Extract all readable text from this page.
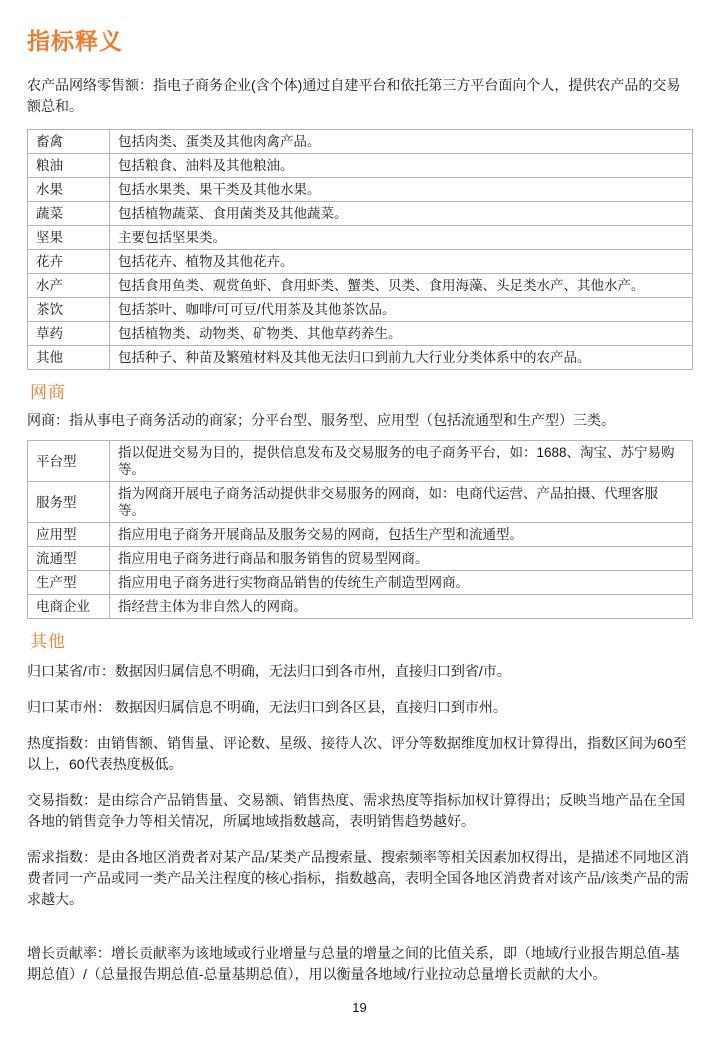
指标释义

农产品网络零售额：指电子商务企业(含个体)通过自建平台和依托第三方平台面向个人，提供农产品的交易额总和。

畜禽	包括肉类、蛋类及其他肉禽产品。
粮油	包括粮食、油料及其他粮油。
水果	包括水果类、果干类及其他水果。
蔬菜	包括植物蔬菜、食用菌类及其他蔬菜。
坚果	主要包括坚果类。
花卉	包括花卉、植物及其他花卉。
水产	包括食用鱼类、观赏鱼虾、食用虾类、蟹类、贝类、食用海藻、头足类水产、其他水产。
茶饮	包括茶叶、咖啡/可可豆/代用茶及其他茶饮品。
草药	包括植物类、动物类、矿物类、其他草药养生。
其他	包括种子、种苗及繁殖材料及其他无法归口到前九大行业分类体系中的农产品。
网商

网商：指从事电子商务活动的商家；分平台型、服务型、应用型（包括流通型和生产型）三类。

平台型	指以促进交易为目的，提供信息发布及交易服务的电子商务平台，如：1688、淘宝、苏宁易购等。
服务型	指为网商开展电子商务活动提供非交易服务的网商，如：电商代运营、产品拍摄、代理客服等。
应用型	指应用电子商务开展商品及服务交易的网商，包括生产型和流通型。
流通型	指应用电子商务进行商品和服务销售的贸易型网商。
生产型	指应用电子商务进行实物商品销售的传统生产制造型网商。
电商企业	指经营主体为非自然人的网商。
其他

归口某省/市：数据因归属信息不明确，无法归口到各市州，直接归口到省/市。

归口某市州： 数据因归属信息不明确，无法归口到各区县，直接归口到市州。

热度指数：由销售额、销售量、评论数、星级、接待人次、评分等数据维度加权计算得出，指数区间为60至以上，60代表热度极低。

交易指数：是由综合产品销售量、交易额、销售热度、需求热度等指标加权计算得出；反映当地产品在全国各地的销售竞争力等相关情况，所属地域指数越高，表明销售趋势越好。

需求指数：是由各地区消费者对某产品/某类产品搜索量、搜索频率等相关因素加权得出，是描述不同地区消费者同一产品或同一类产品关注程度的核心指标，指数越高，表明全国各地区消费者对该产品/该类产品的需求越大。

增长贡献率：增长贡献率为该地域或行业增量与总量的增量之间的比值关系，即（地域/行业报告期总值-基期总值）/（总量报告期总值-总量基期总值），用以衡量各地域/行业拉动总量增长贡献的大小。

19
